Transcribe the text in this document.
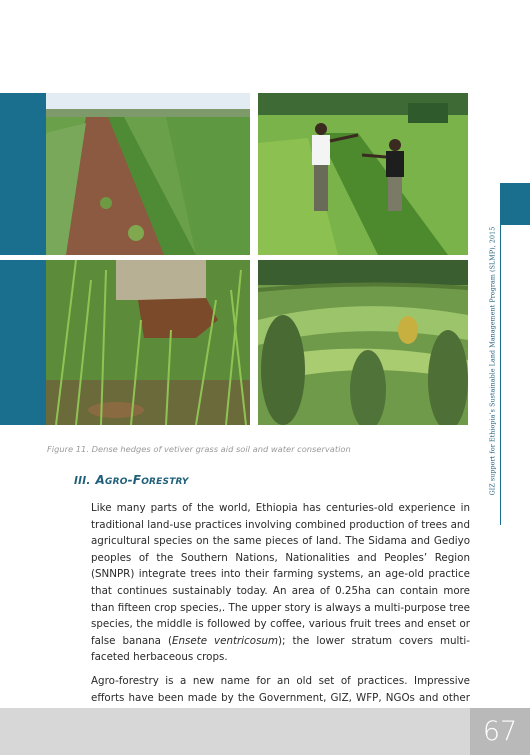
Figure 11. Dense hedges of vetiver grass aid soil and water conservation
III. AGRO-FORESTRY

Like many parts of the world, Ethiopia has centuries-old experience in traditional land-use practices involving combined production of trees and agricultural species on the same pieces of land. The Sidama and Gediyo peoples of the Southern Nations, Nationalities and Peoples’ Region (SNNPR) integrate trees into their farming systems, an age-old practice that continues sustainably today. An area of 0.25ha can contain more than fifteen crop species,. The upper story is always a multi-purpose tree species, the middle is followed by coffee, various fruit trees and enset or false banana (Ensete ventricosum); the lower stratum covers multi-faceted herbaceous crops.

Agro-forestry is a new name for an old set of practices. Impressive efforts have been made by the Government, GIZ, WFP, NGOs and other

GIZ support for Ethiopia’s Sustainable Land Management Program (SLMP), 2015
67
